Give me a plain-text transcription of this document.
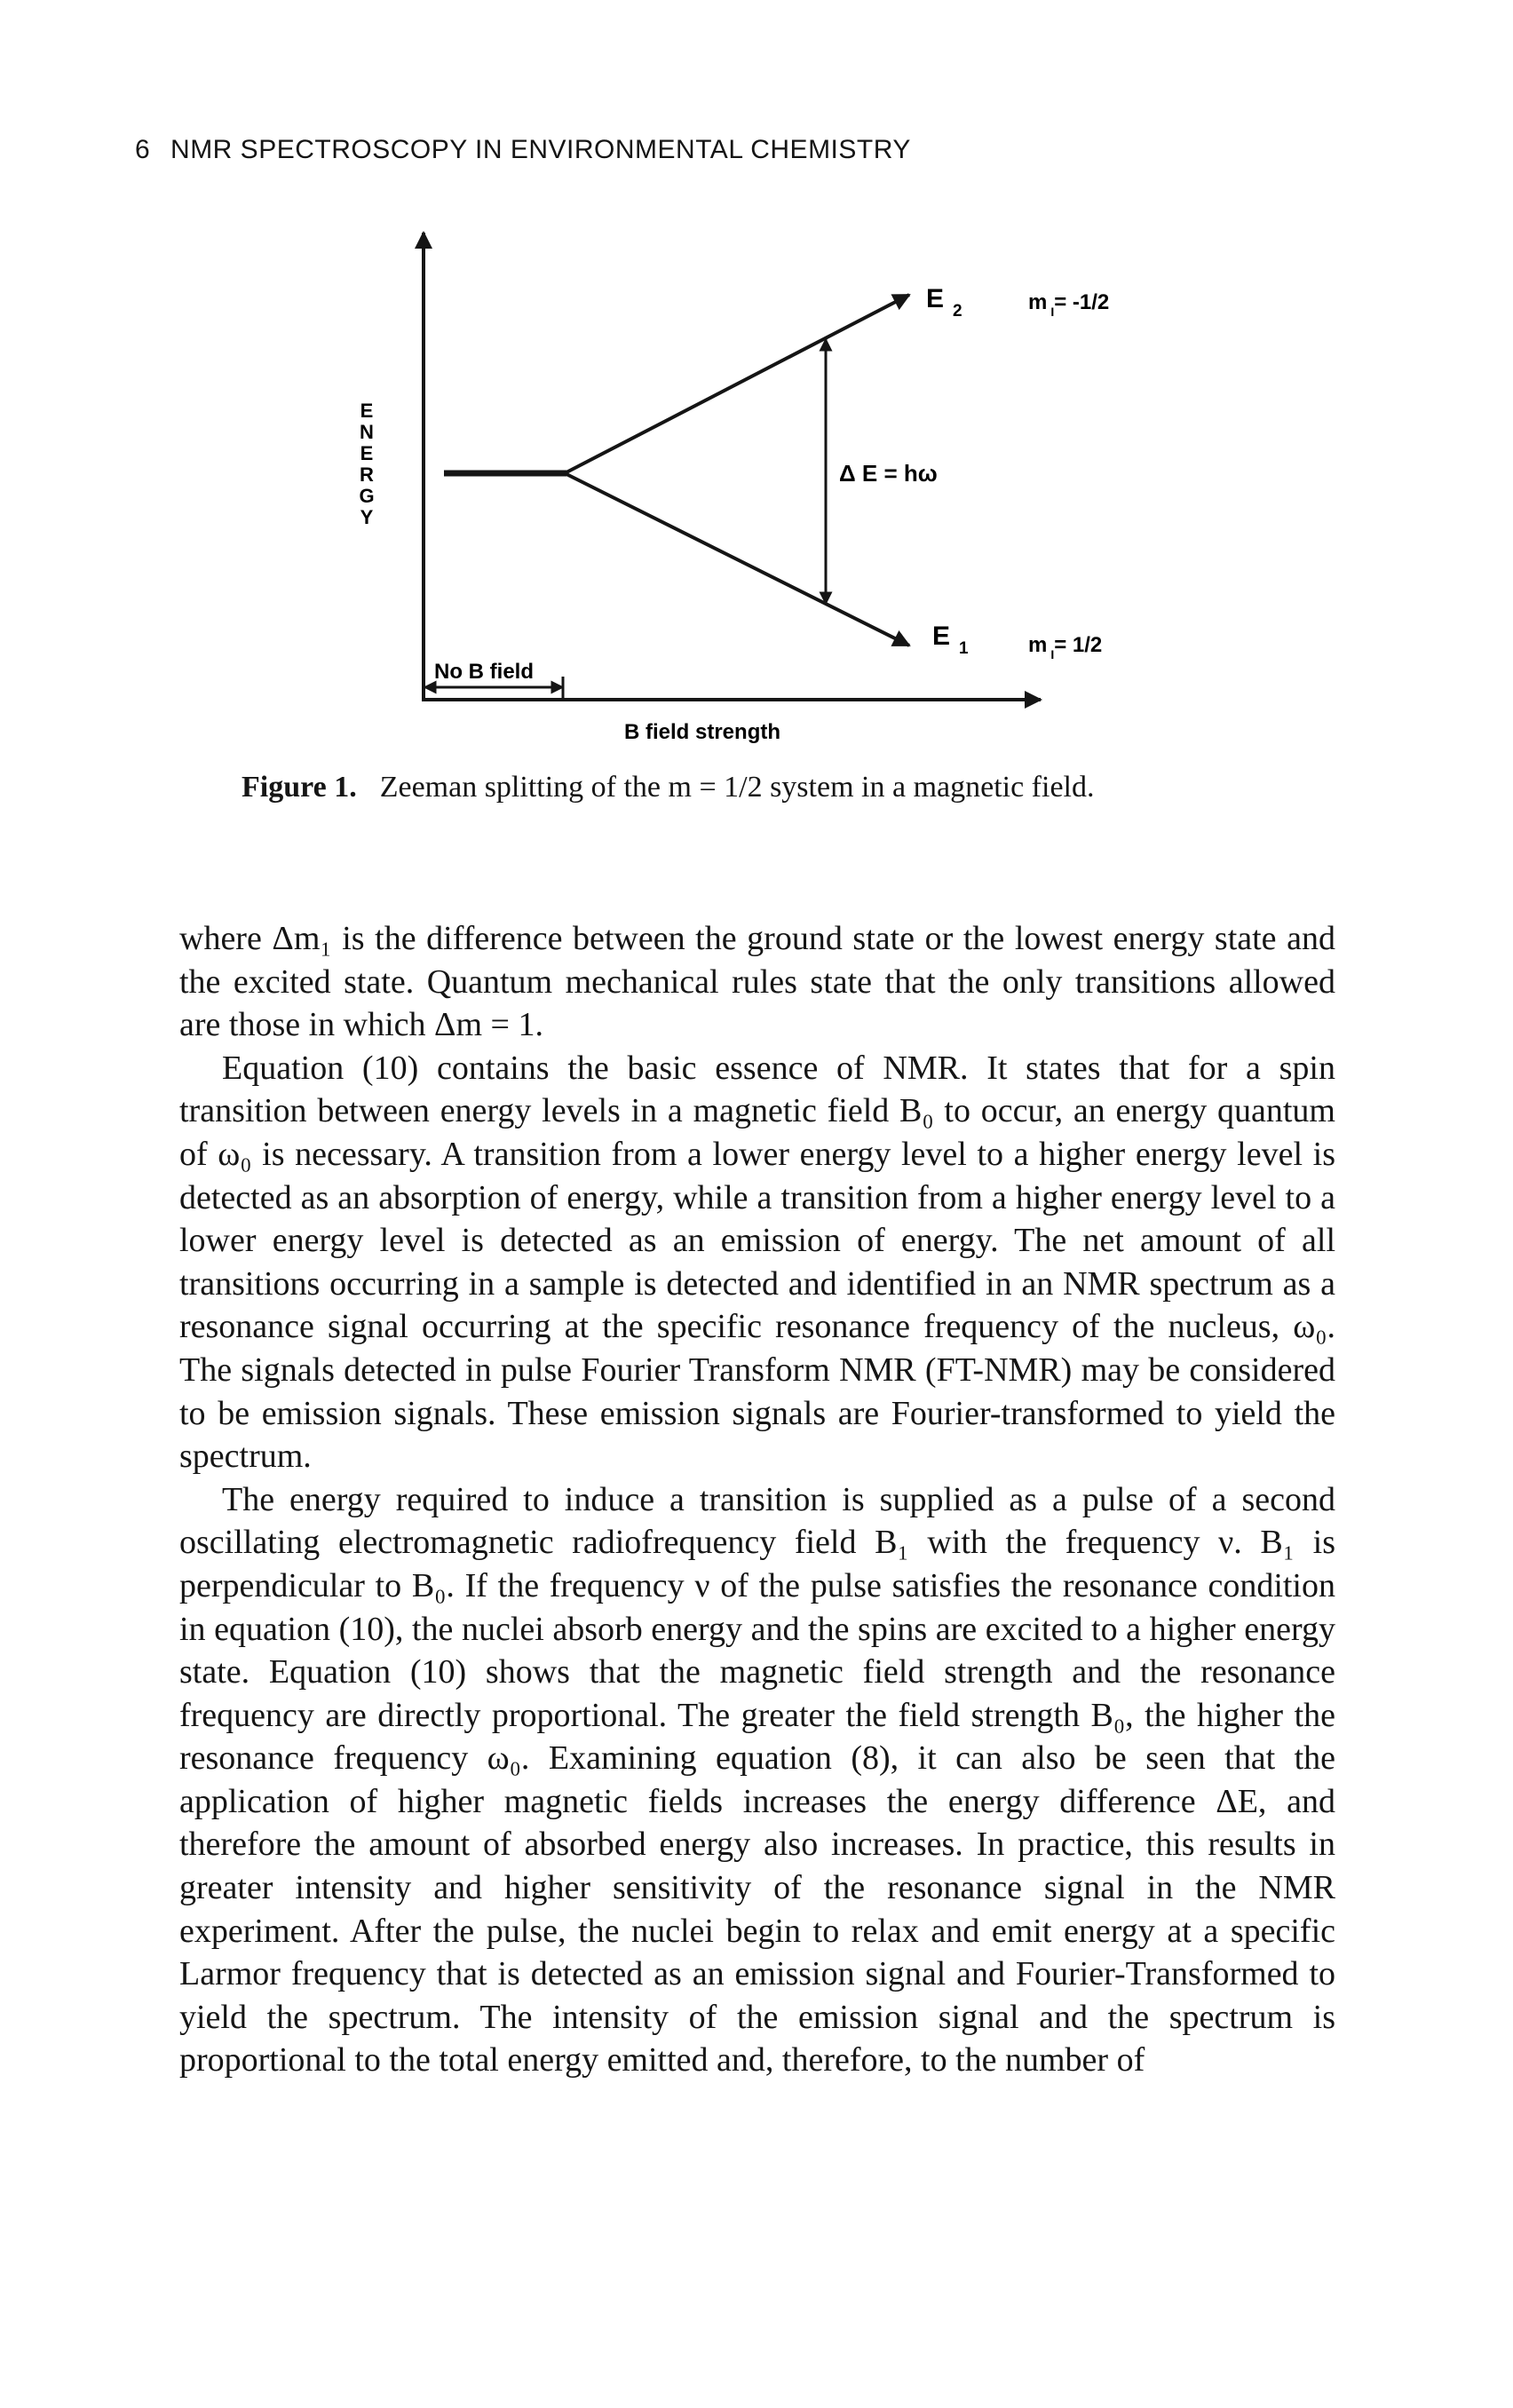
6 NMR SPECTROSCOPY IN ENVIRONMENTAL CHEMISTRY
E
N
E
R
G
Y
E $_2$	m $_I$= -1/2
E $_1$	m $_I$= 1/2
Δ E = hω
No B field
B field strength
Figure 1. Zeeman splitting of the m = 1/2 system in a magnetic field.

where Δm₁ is the difference between the ground state or the lowest energy state and the excited state. Quantum mechanical rules state that the only transitions allowed are those in which Δm = 1.

Equation (10) contains the basic essence of NMR. It states that for a spin transition between energy levels in a magnetic field B₀ to occur, an energy quantum of ω₀ is necessary. A transition from a lower energy level to a higher energy level is detected as an absorption of energy, while a transition from a higher energy level to a lower energy level is detected as an emission of energy. The net amount of all transitions occurring in a sample is detected and identified in an NMR spectrum as a resonance signal occurring at the specific resonance frequency of the nucleus, ω₀. The signals detected in pulse Fourier Transform NMR (FT-NMR) may be considered to be emission signals. These emission signals are Fourier-transformed to yield the spectrum.

The energy required to induce a transition is supplied as a pulse of a second oscillating electromagnetic radiofrequency field B₁ with the frequency ν. B₁ is perpendicular to B₀. If the frequency ν of the pulse satisfies the resonance condition in equation (10), the nuclei absorb energy and the spins are excited to a higher energy state. Equation (10) shows that the magnetic field strength and the resonance frequency are directly proportional. The greater the field strength B₀, the higher the resonance frequency ω₀. Examining equation (8), it can also be seen that the application of higher magnetic fields increases the energy difference ΔE, and therefore the amount of absorbed energy also increases. In practice, this results in greater intensity and higher sensitivity of the resonance signal in the NMR experiment. After the pulse, the nuclei begin to relax and emit energy at a specific Larmor frequency that is detected as an emission signal and Fourier-Transformed to yield the spectrum. The intensity of the emission signal and the spectrum is proportional to the total energy emitted and, therefore, to the number of
